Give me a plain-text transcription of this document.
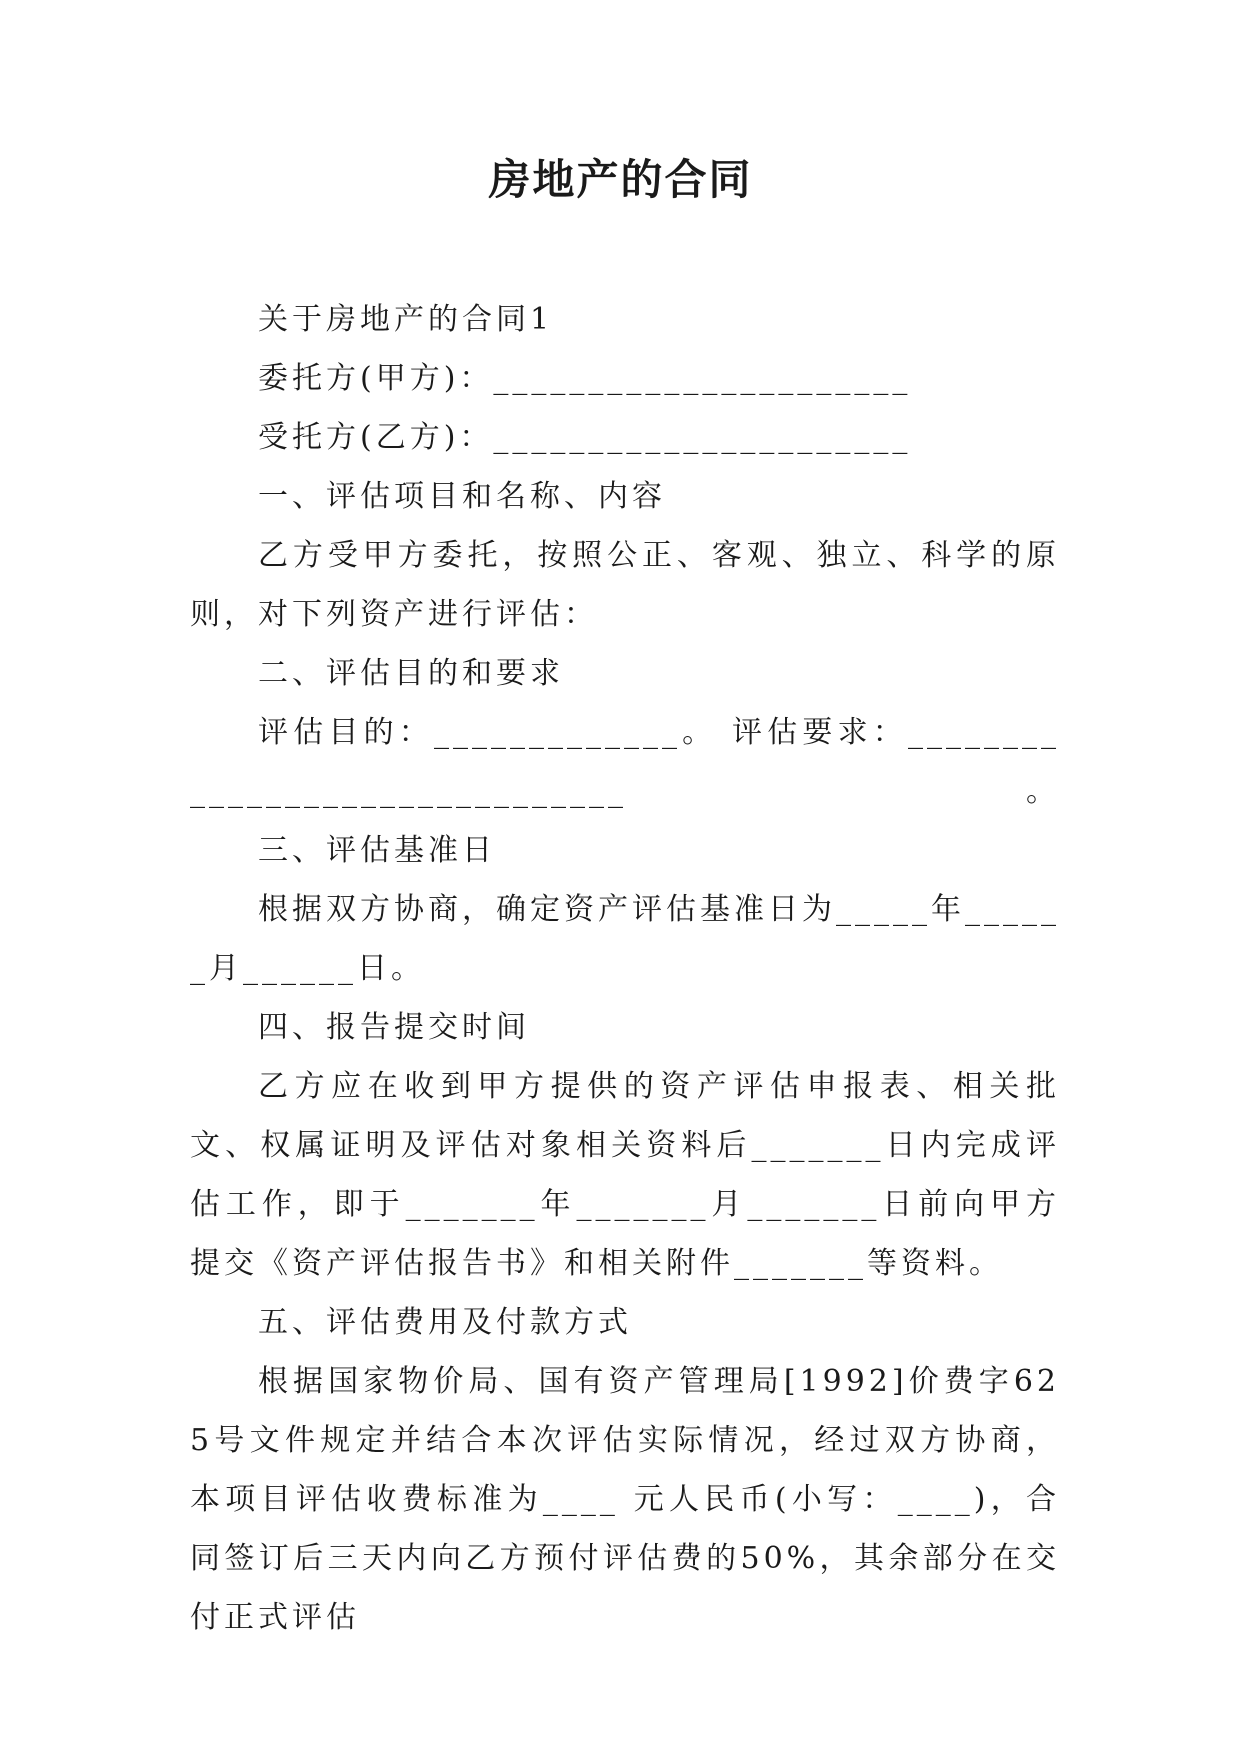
房地产的合同

关于房地产的合同1

委托方(甲方)：______________________

受托方(乙方)：______________________

一、评估项目和名称、内容

乙方受甲方委托，按照公正、客观、独立、科学的原则，对下列资产进行评估：

二、评估目的和要求

评估目的：_____________。 评估要求：_______________________________。

三、评估基准日

根据双方协商，确定资产评估基准日为_____年______月______日。

四、报告提交时间

乙方应在收到甲方提供的资产评估申报表、相关批文、权属证明及评估对象相关资料后_______日内完成评估工作，即于_______年_______月_______日前向甲方提交《资产评估报告书》和相关附件_______等资料。

五、评估费用及付款方式

根据国家物价局、国有资产管理局[1992]价费字625号文件规定并结合本次评估实际情况，经过双方协商，本项目评估收费标准为____ 元人民币(小写：____)，合同签订后三天内向乙方预付评估费的50%，其余部分在交付正式评估
